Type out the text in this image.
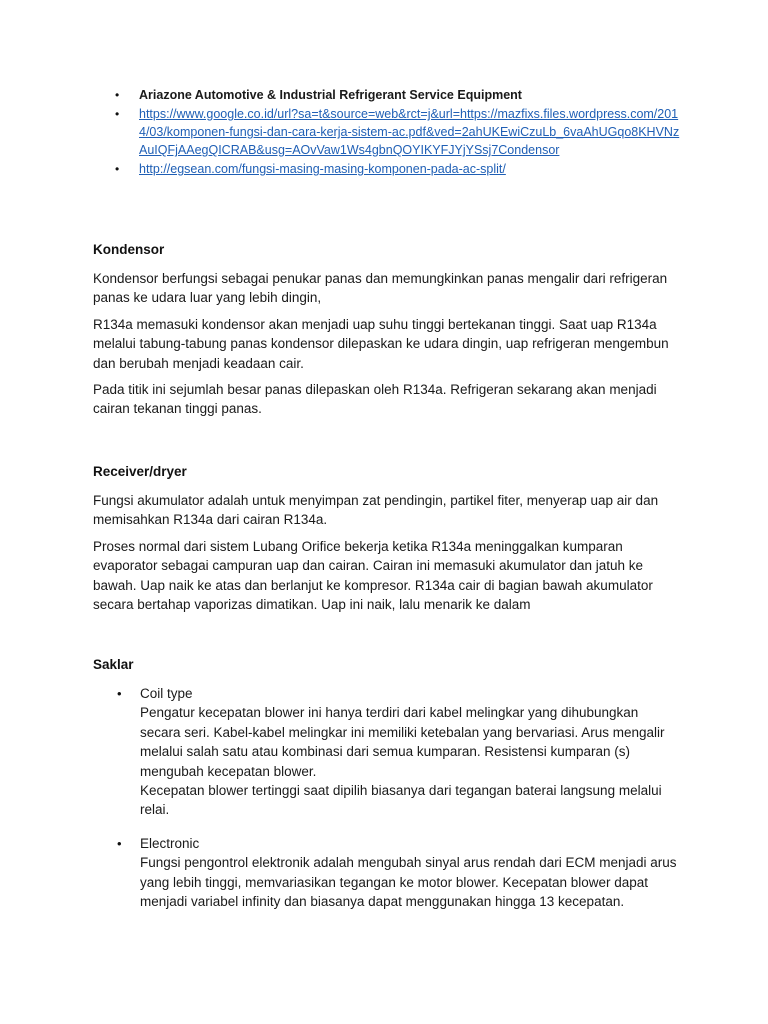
• Ariazone Automotive & Industrial Refrigerant Service Equipment
• https://www.google.co.id/url?sa=t&source=web&rct=j&url=https://mazfixs.files.wordpress.com/2014/03/komponen-fungsi-dan-cara-kerja-sistem-ac.pdf&ved=2ahUKEwiCzuLb_6vaAhUGqo8KHVNzAuIQFjAAegQICRAB&usg=AOvVaw1Ws4gbnQOYIKYFJYjYSsj7Condensor
• http://egsean.com/fungsi-masing-masing-komponen-pada-ac-split/
Kondensor

Kondensor berfungsi sebagai penukar panas dan memungkinkan panas mengalir dari refrigeran panas ke udara luar yang lebih dingin,

R134a memasuki kondensor akan menjadi uap suhu tinggi bertekanan tinggi. Saat uap R134a melalui tabung-tabung panas kondensor dilepaskan ke udara dingin, uap refrigeran mengembun dan berubah menjadi keadaan cair.

Pada titik ini sejumlah besar panas dilepaskan oleh R134a. Refrigeran sekarang akan menjadi cairan tekanan tinggi panas.

Receiver/dryer

Fungsi akumulator adalah untuk menyimpan zat pendingin, partikel fiter, menyerap uap air dan memisahkan R134a dari cairan R134a.

Proses normal dari sistem Lubang Orifice bekerja ketika R134a meninggalkan kumparan evaporator sebagai campuran uap dan cairan. Cairan ini memasuki akumulator dan jatuh ke bawah. Uap naik ke atas dan berlanjut ke kompresor. R134a cair di bagian bawah akumulator secara bertahap vaporizas dimatikan. Uap ini naik, lalu menarik ke dalam

Saklar
• Coil type
Pengatur kecepatan blower ini hanya terdiri dari kabel melingkar yang dihubungkan secara seri. Kabel-kabel melingkar ini memiliki ketebalan yang bervariasi. Arus mengalir melalui salah satu atau kombinasi dari semua kumparan. Resistensi kumparan (s) mengubah kecepatan blower.
Kecepatan blower tertinggi saat dipilih biasanya dari tegangan baterai langsung melalui relai.
• Electronic
Fungsi pengontrol elektronik adalah mengubah sinyal arus rendah dari ECM menjadi arus yang lebih tinggi, memvariasikan tegangan ke motor blower. Kecepatan blower dapat menjadi variabel infinity dan biasanya dapat menggunakan hingga 13 kecepatan.
